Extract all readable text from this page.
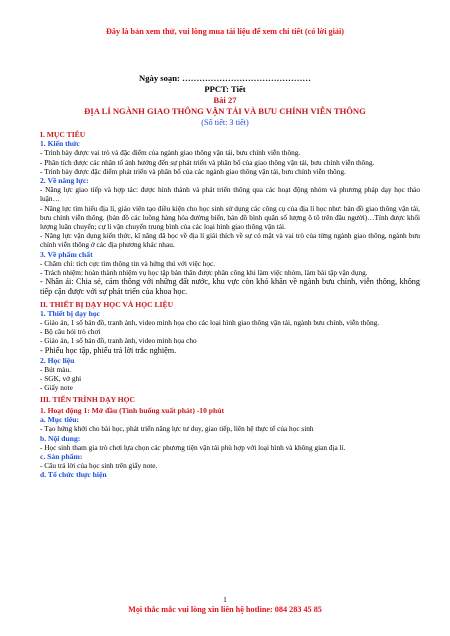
Đây là bản xem thử, vui lòng mua tài liệu để xem chi tiết (có lời giải)
Ngày soạn: ………………………………………
PPCT: Tiết
Bài 27
ĐỊA LÍ NGÀNH GIAO THÔNG VẬN TẢI VÀ BƯU CHÍNH VIỄN THÔNG
(Số tiết: 3 tiết)
I. MỤC TIÊU
1. Kiến thức
- Trình bày được vai trò và đặc điểm của ngành giao thông vận tải, bưu chính viễn thông.
- Phân tích được các nhân tố ảnh hưởng đến sự phát triển và phân bố của giao thông vận tải, bưu chính viễn thông.
- Trình bày được đặc điểm phát triển và phân bố của các ngành giao thông vận tải, bưu chính viễn thông.
2. Về năng lực:
- Năng lực giao tiếp và hợp tác: được hình thành và phát triển thông qua các hoạt động nhóm và phương pháp dạy học thảo luận…
- Năng lực tìm hiểu địa lí, giáo viên tạo điều kiện cho học sinh sử dụng các công cụ của địa lí học như: bản đồ giao thông vận tải, bưu chính viễn thông. (bản đồ các luồng hàng hóa đường biển, bản đồ bình quân số lượng ô tô trên đầu người)…Tính được khối lượng luân chuyển; cự li vận chuyển trung bình của các loại hình giao thông vận tải.
- Năng lực vận dụng kiến thức, kĩ năng đã học về địa lí giải thích về sự có mặt và vai trò của từng ngành giao thông, ngành bưu chính viễn thông ở các địa phương khác nhau.
3. Về phẩm chất
- Chăm chỉ: tích cực tìm thông tin và hứng thú với việc học.
- Trách nhiệm: hoàn thành nhiệm vụ học tập bản thân được phân công khi làm việc nhóm, làm bài tập vận dụng.
- Nhân ái: Chia sẻ, cảm thông với những đất nước, khu vực còn khó khăn về ngành bưu chính, viễn thông, không tiếp cận được với sự phát triển của khoa học.
II. THIẾT BỊ DẠY HỌC VÀ HỌC LIỆU
1. Thiết bị dạy học
- Giáo án, 1 số bản đồ, tranh ảnh, video minh họa cho các loại hình giao thông vận tải, ngành bưu chính, viễn thông.
- Bộ câu hỏi trò chơi
- Giáo án, 1 số bản đồ, tranh ảnh, video minh họa cho
- Phiếu học tập, phiếu trả lời trắc nghiệm.
2. Học liệu
- Bút màu.
- SGK, vở ghi
- Giấy note
III. TIẾN TRÌNH DẠY HỌC
1. Hoạt động 1: Mở đầu (Tình huống xuất phát) -10 phút
a. Mục tiêu:
- Tạo hứng khởi cho bài học, phát triển năng lực tư duy, giao tiếp, liên hệ thực tế của học sinh
b. Nội dung:
- Học sinh tham gia trò chơi lựa chọn các phương tiện vận tải phù hợp với loại hình và không gian địa lí.
c. Sản phẩm:
- Câu trả lời của học sinh trên giấy note.
d. Tổ chức thực hiện
1
Mọi thắc mắc vui lòng xin liên hệ hotline: 084 283 45 85
